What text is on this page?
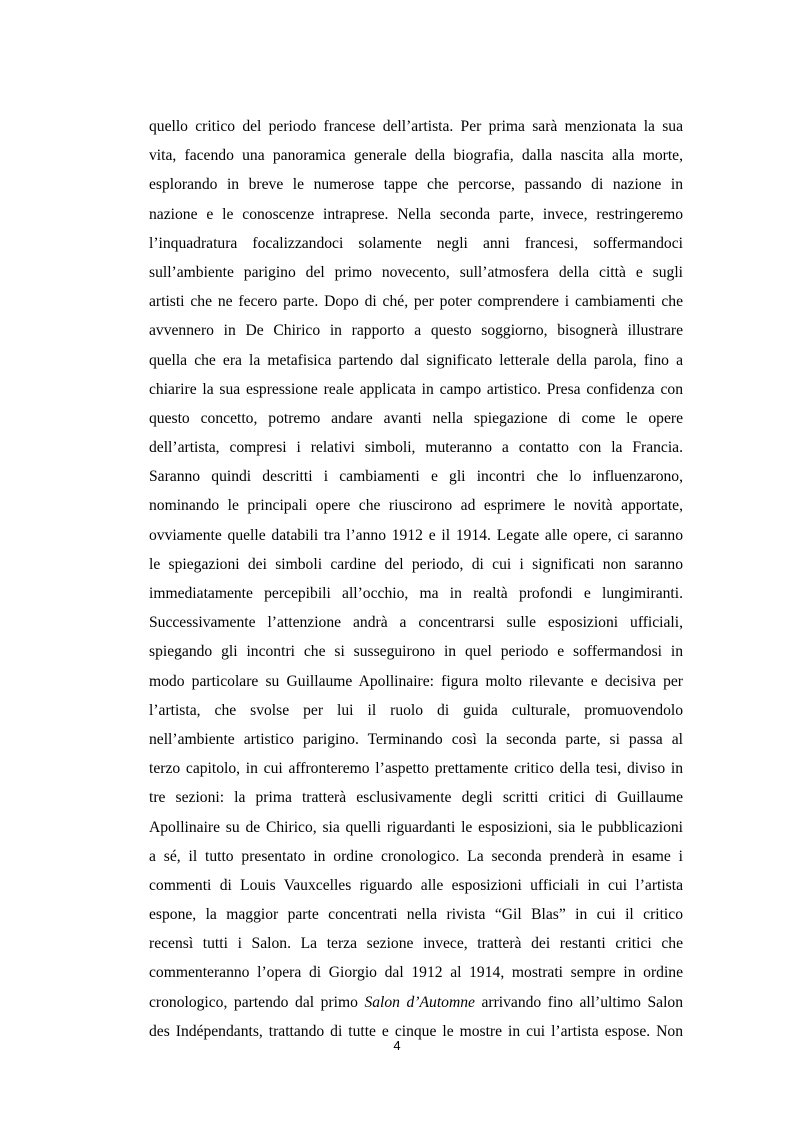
quello critico del periodo francese dell’artista. Per prima sarà menzionata la sua
vita, facendo una panoramica generale della biografia, dalla nascita alla morte,
esplorando in breve le numerose tappe che percorse, passando di nazione in
nazione e le conoscenze intraprese. Nella seconda parte, invece, restringeremo
l’inquadratura focalizzandoci solamente negli anni francesi, soffermandoci
sull’ambiente parigino del primo novecento, sull’atmosfera della città e sugli
artisti che ne fecero parte. Dopo di ché, per poter comprendere i cambiamenti che
avvennero in De Chirico in rapporto a questo soggiorno, bisognerà illustrare
quella che era la metafisica partendo dal significato letterale della parola, fino a
chiarire la sua espressione reale applicata in campo artistico. Presa confidenza con
questo concetto, potremo andare avanti nella spiegazione di come le opere
dell’artista, compresi i relativi simboli, muteranno a contatto con la Francia.
Saranno quindi descritti i cambiamenti e gli incontri che lo influenzarono,
nominando le principali opere che riuscirono ad esprimere le novità apportate,
ovviamente quelle databili tra l’anno 1912 e il 1914. Legate alle opere, ci saranno
le spiegazioni dei simboli cardine del periodo, di cui i significati non saranno
immediatamente percepibili all’occhio, ma in realtà profondi e lungimiranti.
Successivamente l’attenzione andrà a concentrarsi sulle esposizioni ufficiali,
spiegando gli incontri che si susseguirono in quel periodo e soffermandosi in
modo particolare su Guillaume Apollinaire: figura molto rilevante e decisiva per
l’artista, che svolse per lui il ruolo di guida culturale, promuovendolo
nell’ambiente artistico parigino. Terminando così la seconda parte, si passa al
terzo capitolo, in cui affronteremo l’aspetto prettamente critico della tesi, diviso in
tre sezioni: la prima tratterà esclusivamente degli scritti critici di Guillaume
Apollinaire su de Chirico, sia quelli riguardanti le esposizioni, sia le pubblicazioni
a sé, il tutto presentato in ordine cronologico. La seconda prenderà in esame i
commenti di Louis Vauxcelles riguardo alle esposizioni ufficiali in cui l’artista
espone, la maggior parte concentrati nella rivista “Gil Blas” in cui il critico
recensì tutti i Salon. La terza sezione invece, tratterà dei restanti critici che
commenteranno l’opera di Giorgio dal 1912 al 1914, mostrati sempre in ordine
cronologico, partendo dal primo Salon d’Automne arrivando fino all’ultimo Salon
des Indépendants, trattando di tutte e cinque le mostre in cui l’artista espose. Non
4
